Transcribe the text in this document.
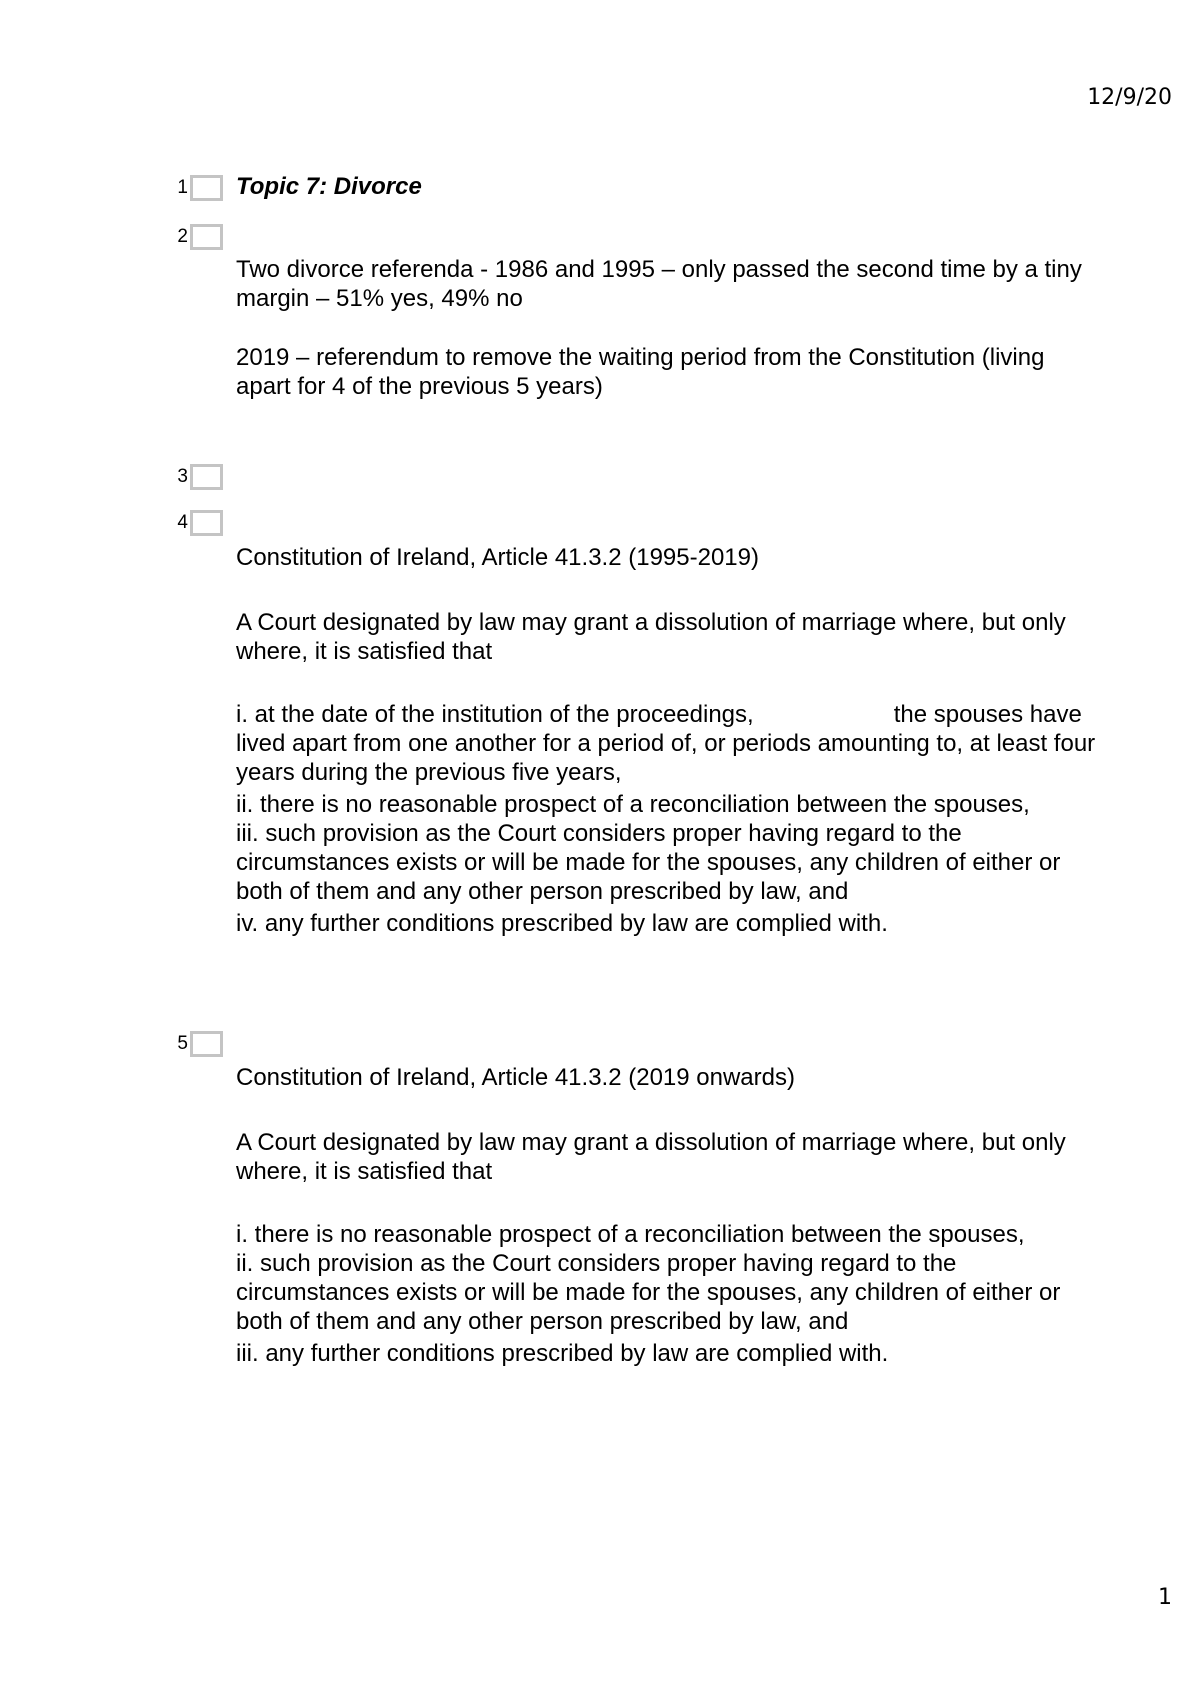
12/9/20
1 Topic 7: Divorce

2

Two divorce referenda - 1986 and 1995 – only passed the second time by a tiny margin – 51% yes, 49% no

2019 – referendum to remove the waiting period from the Constitution (living apart for 4 of the previous 5 years)

3
4

Constitution of Ireland, Article 41.3.2 (1995-2019)

A Court designated by law may grant a dissolution of marriage where, but only where, it is satisfied that

i. at the date of the institution of the proceedings,	the spouses have lived apart from one another for a period of, or periods amounting to, at least four years during the previous five years,

ii. there is no reasonable prospect of a reconciliation between the spouses,

iii. such provision as the Court considers proper having regard to the circumstances exists or will be made for the spouses, any children of either or both of them and any other person prescribed by law, and

iv. any further conditions prescribed by law are complied with.

5

Constitution of Ireland, Article 41.3.2 (2019 onwards)

A Court designated by law may grant a dissolution of marriage where, but only where, it is satisfied that

i. there is no reasonable prospect of a reconciliation between the spouses,

ii. such provision as the Court considers proper having regard to the circumstances exists or will be made for the spouses, any children of either or both of them and any other person prescribed by law, and

iii. any further conditions prescribed by law are complied with.

1
